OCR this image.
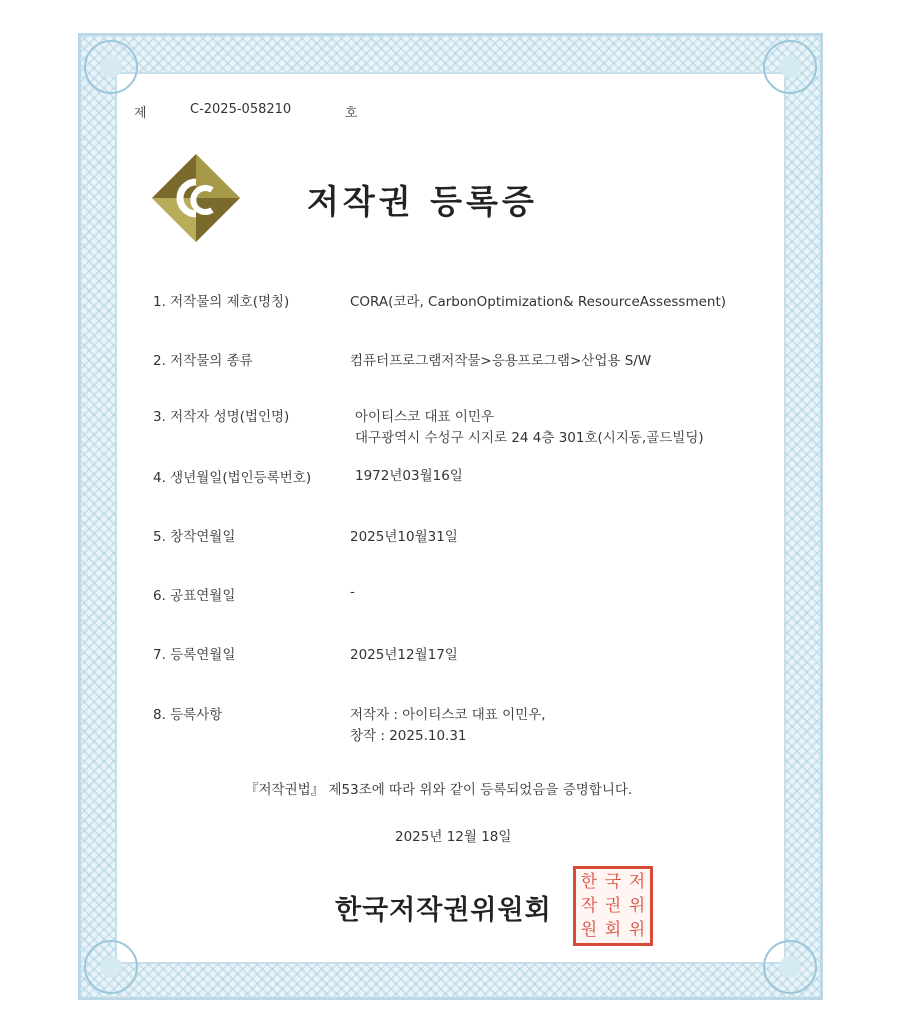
제	C-2025-058210	호
저작권 등록증
1. 저작물의 제호(명칭)	CORA(코라, CarbonOptimization& ResourceAssessment)
2. 저작물의 종류	컴퓨터프로그램저작물>응용프로그램>산업용 S/W
3. 저작자 성명(법인명)	아이티스코 대표 이민우
대구광역시 수성구 시지로 24 4층 301호(시지동,골드빌딩)
4. 생년월일(법인등록번호)	1972년03월16일
5. 창작연월일	2025년10월31일
6. 공표연월일	-
7. 등록연월일	2025년12월17일
8. 등록사항	저작자 : 아이티스코 대표 이민우,
창작 : 2025.10.31
『저작권법』 제53조에 따라 위와 같이 등록되었음을 증명합니다.
2025년 12월 18일
한국저작권위원회
한 국 저
작 권 위
원 회 위
